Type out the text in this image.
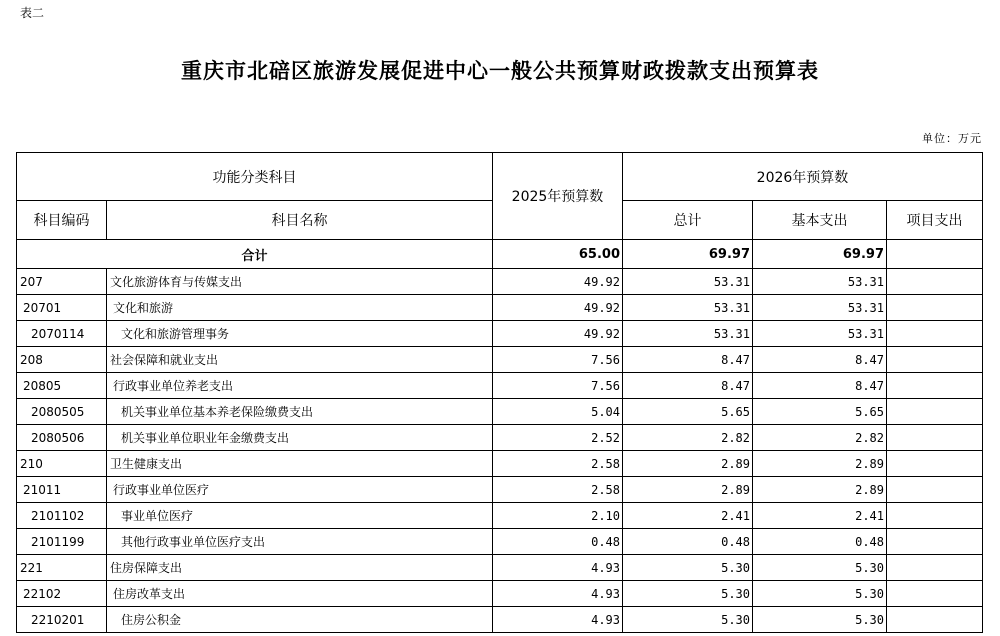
表二
重庆市北碚区旅游发展促进中心一般公共预算财政拨款支出预算表
单位：万元
功能分类科目		2025年预算数	2026年预算数		
科目编码	科目名称		总计	基本支出	项目支出
合计		65.00	69.97	69.97	
207	文化旅游体育与传媒支出	49.92	53.31	53.31	
20701	文化和旅游	49.92	53.31	53.31	
2070114	文化和旅游管理事务	49.92	53.31	53.31	
208	社会保障和就业支出	7.56	8.47	8.47	
20805	行政事业单位养老支出	7.56	8.47	8.47	
2080505	机关事业单位基本养老保险缴费支出	5.04	5.65	5.65	
2080506	机关事业单位职业年金缴费支出	2.52	2.82	2.82	
210	卫生健康支出	2.58	2.89	2.89	
21011	行政事业单位医疗	2.58	2.89	2.89	
2101102	事业单位医疗	2.10	2.41	2.41	
2101199	其他行政事业单位医疗支出	0.48	0.48	0.48	
221	住房保障支出	4.93	5.30	5.30	
22102	住房改革支出	4.93	5.30	5.30	
2210201	住房公积金	4.93	5.30	5.30	
